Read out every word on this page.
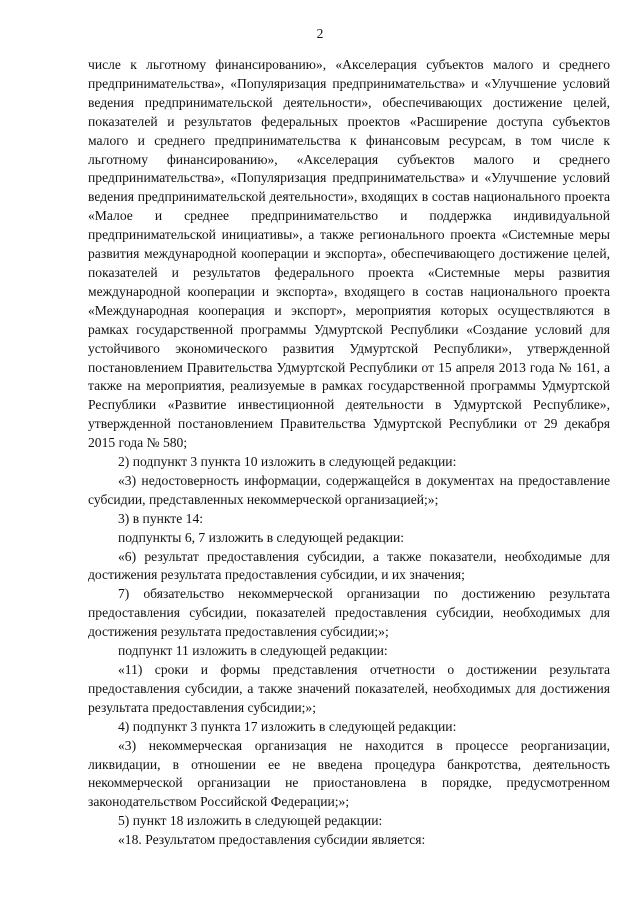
2

числе к льготному финансированию», «Акселерация субъектов малого и среднего предпринимательства», «Популяризация предпринимательства» и «Улучшение условий ведения предпринимательской деятельности», обеспечивающих достижение целей, показателей и результатов федеральных проектов «Расширение доступа субъектов малого и среднего предпринимательства к финансовым ресурсам, в том числе к льготному финансированию», «Акселерация субъектов малого и среднего предпринимательства», «Популяризация предпринимательства» и «Улучшение условий ведения предпринимательской деятельности», входящих в состав национального проекта «Малое и среднее предпринимательство и поддержка индивидуальной предпринимательской инициативы», а также регионального проекта «Системные меры развития международной кооперации и экспорта», обеспечивающего достижение целей, показателей и результатов федерального проекта «Системные меры развития международной кооперации и экспорта», входящего в состав национального проекта «Международная кооперация и экспорт», мероприятия которых осуществляются в рамках государственной программы Удмуртской Республики «Создание условий для устойчивого экономического развития Удмуртской Республики», утвержденной постановлением Правительства Удмуртской Республики от 15 апреля 2013 года № 161, а также на мероприятия, реализуемые в рамках государственной программы Удмуртской Республики «Развитие инвестиционной деятельности в Удмуртской Республике», утвержденной постановлением Правительства Удмуртской Республики от 29 декабря 2015 года № 580;

2) подпункт 3 пункта 10 изложить в следующей редакции:

«3) недостоверность информации, содержащейся в документах на предоставление субсидии, представленных некоммерческой организацией;»;

3) в пункте 14:

подпункты 6, 7 изложить в следующей редакции:

«6) результат предоставления субсидии, а также показатели, необходимые для достижения результата предоставления субсидии, и их значения;

7) обязательство некоммерческой организации по достижению результата предоставления субсидии, показателей предоставления субсидии, необходимых для достижения результата предоставления субсидии;»;

подпункт 11 изложить в следующей редакции:

«11) сроки и формы представления отчетности о достижении результата предоставления субсидии, а также значений показателей, необходимых для достижения результата предоставления субсидии;»;

4) подпункт 3 пункта 17 изложить в следующей редакции:

«3) некоммерческая организация не находится в процессе реорганизации, ликвидации, в отношении ее не введена процедура банкротства, деятельность некоммерческой организации не приостановлена в порядке, предусмотренном законодательством Российской Федерации;»;

5) пункт 18 изложить в следующей редакции:

«18. Результатом предоставления субсидии является:
